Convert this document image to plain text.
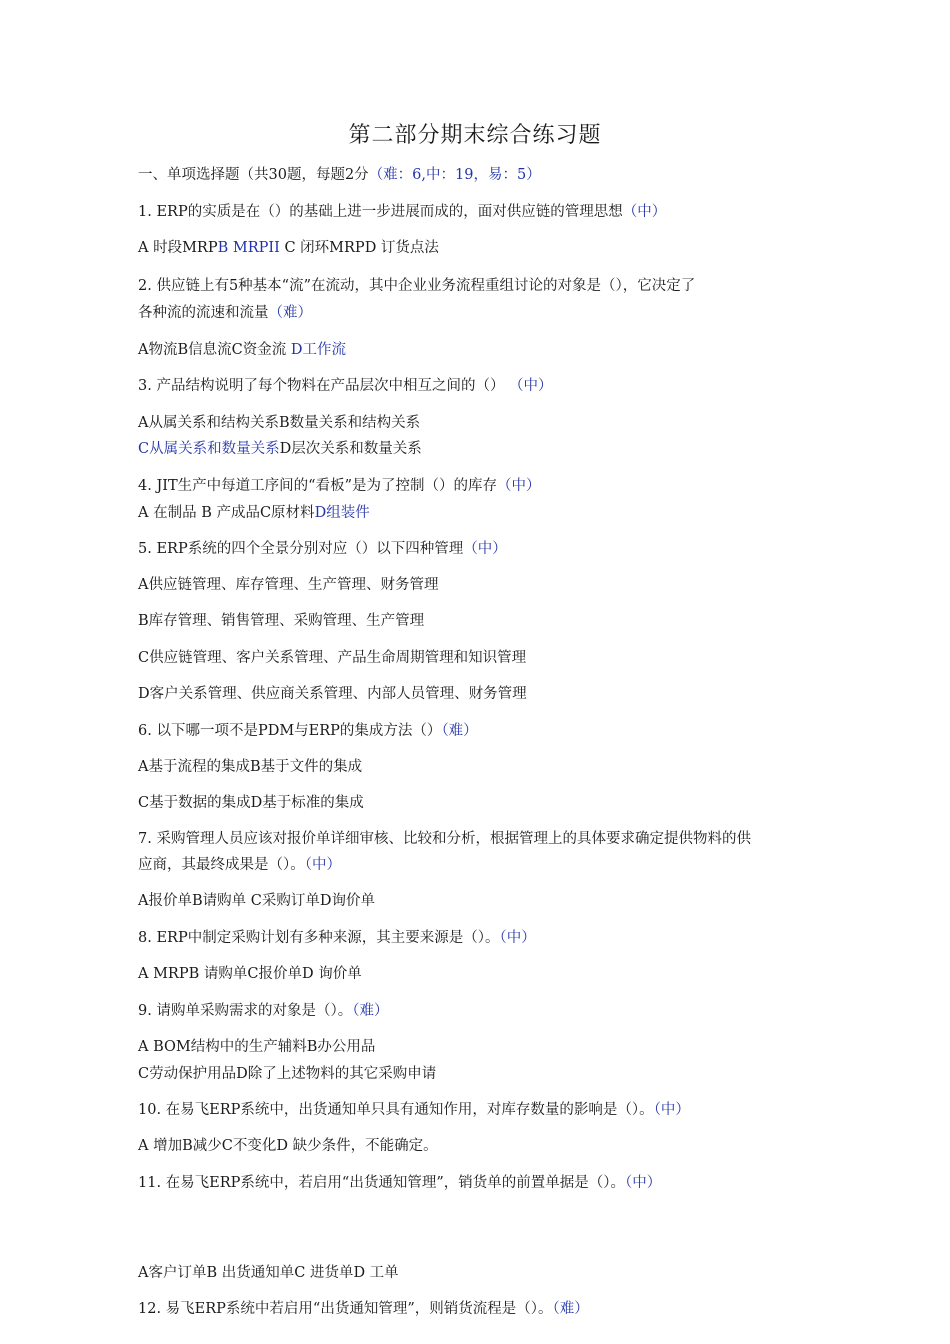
第二部分期末综合练习题
一、单项选择题（共30题，每题2分（难：6,中：19，易：5）
1. ERP的实质是在（）的基础上进一步进展而成的，面对供应链的管理思想（中）
A 时段MRPB MRPII C 闭环MRPD 订货点法
2. 供应链上有5种基本“流”在流动，其中企业业务流程重组讨论的对象是（），它决定了
各种流的流速和流量（难）
A物流B信息流C资金流 D工作流
3. 产品结构说明了每个物料在产品层次中相互之间的（） （中）
A从属关系和结构关系B数量关系和结构关系
C从属关系和数量关系D层次关系和数量关系
4. JIT生产中每道工序间的“看板”是为了控制（）的库存（中）
A 在制品 B 产成品C原材料D组装件
5. ERP系统的四个全景分别对应（）以下四种管理（中）
A供应链管理、库存管理、生产管理、财务管理
B库存管理、销售管理、采购管理、生产管理
C供应链管理、客户关系管理、产品生命周期管理和知识管理
D客户关系管理、供应商关系管理、内部人员管理、财务管理
6. 以下哪一项不是PDM与ERP的集成方法（）（难）
A基于流程的集成B基于文件的集成
C基于数据的集成D基于标准的集成
7. 采购管理人员应该对报价单详细审核、比较和分析，根据管理上的具体要求确定提供物料的供
应商，其最终成果是（）。（中）
A报价单B请购单 C采购订单D询价单
8. ERP中制定采购计划有多种来源，其主要来源是（）。（中）
A MRPB 请购单C报价单D 询价单
9. 请购单采购需求的对象是（）。（难）
A BOM结构中的生产辅料B办公用品
C劳动保护用品D除了上述物料的其它采购申请
10. 在易飞ERP系统中，出货通知单只具有通知作用，对库存数量的影响是（）。（中）
A 增加B减少C不变化D 缺少条件，不能确定。
11. 在易飞ERP系统中，若启用“出货通知管理”，销货单的前置单据是（）。（中）
A客户订单B 出货通知单C 进货单D 工单
12. 易飞ERP系统中若启用“出货通知管理”，则销货流程是（）。（难）
